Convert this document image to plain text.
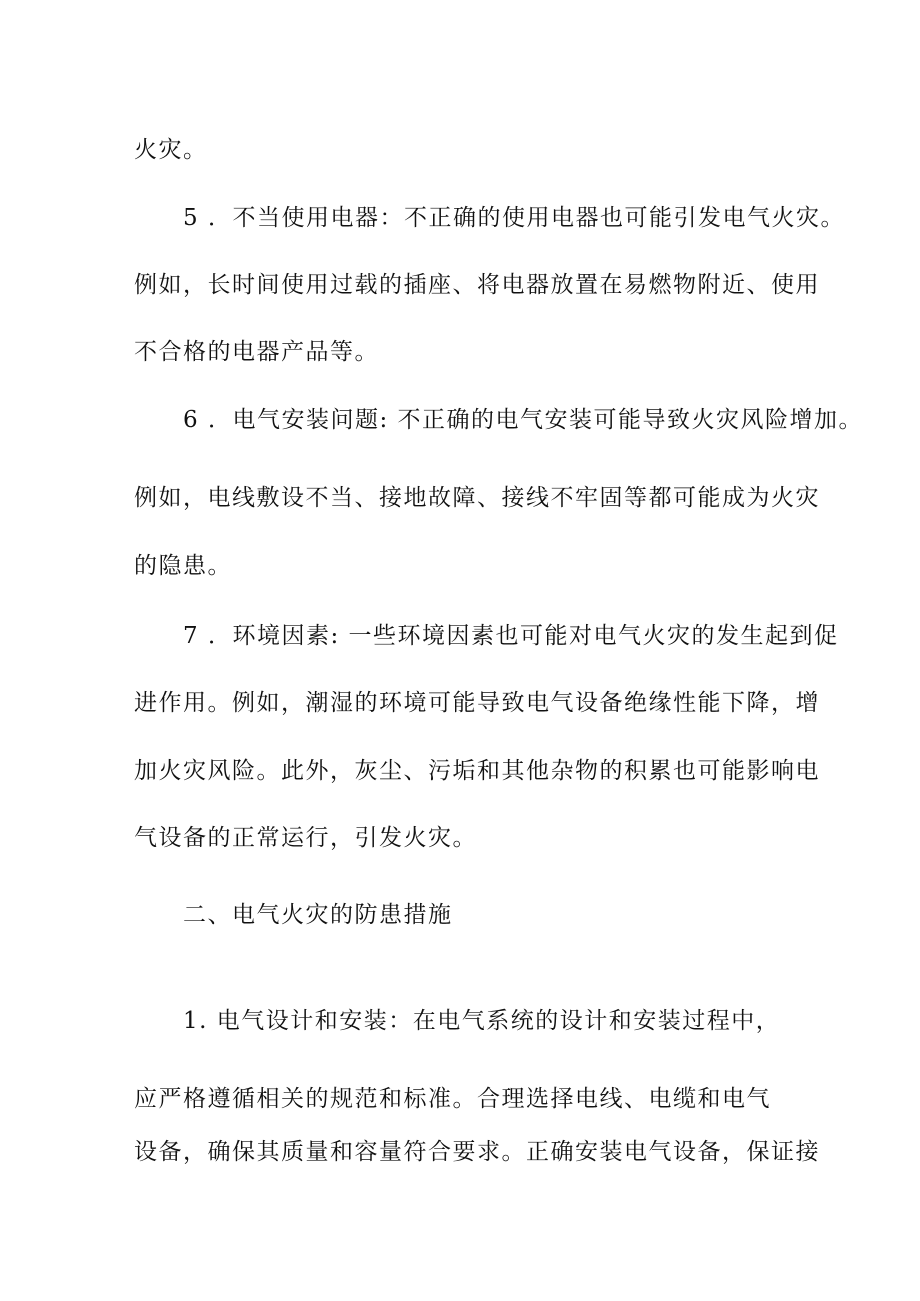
火灾。
5 ．不当使用电器：不正确的使用电器也可能引发电气火灾。
例如，长时间使用过载的插座、将电器放置在易燃物附近、使用
不合格的电器产品等。
6 ．电气安装问题: 不正确的电气安装可能导致火灾风险增加。
例如，电线敷设不当、接地故障、接线不牢固等都可能成为火灾
的隐患。
7 ．环境因素: 一些环境因素也可能对电气火灾的发生起到促
进作用。例如，潮湿的环境可能导致电气设备绝缘性能下降，增
加火灾风险。此外，灰尘、污垢和其他杂物的积累也可能影响电
气设备的正常运行，引发火灾。
二、电气火灾的防患措施
1. 电气设计和安装：在电气系统的设计和安装过程中，
应严格遵循相关的规范和标准。合理选择电线、电缆和电气
设备，确保其质量和容量符合要求。正确安装电气设备，保证接
